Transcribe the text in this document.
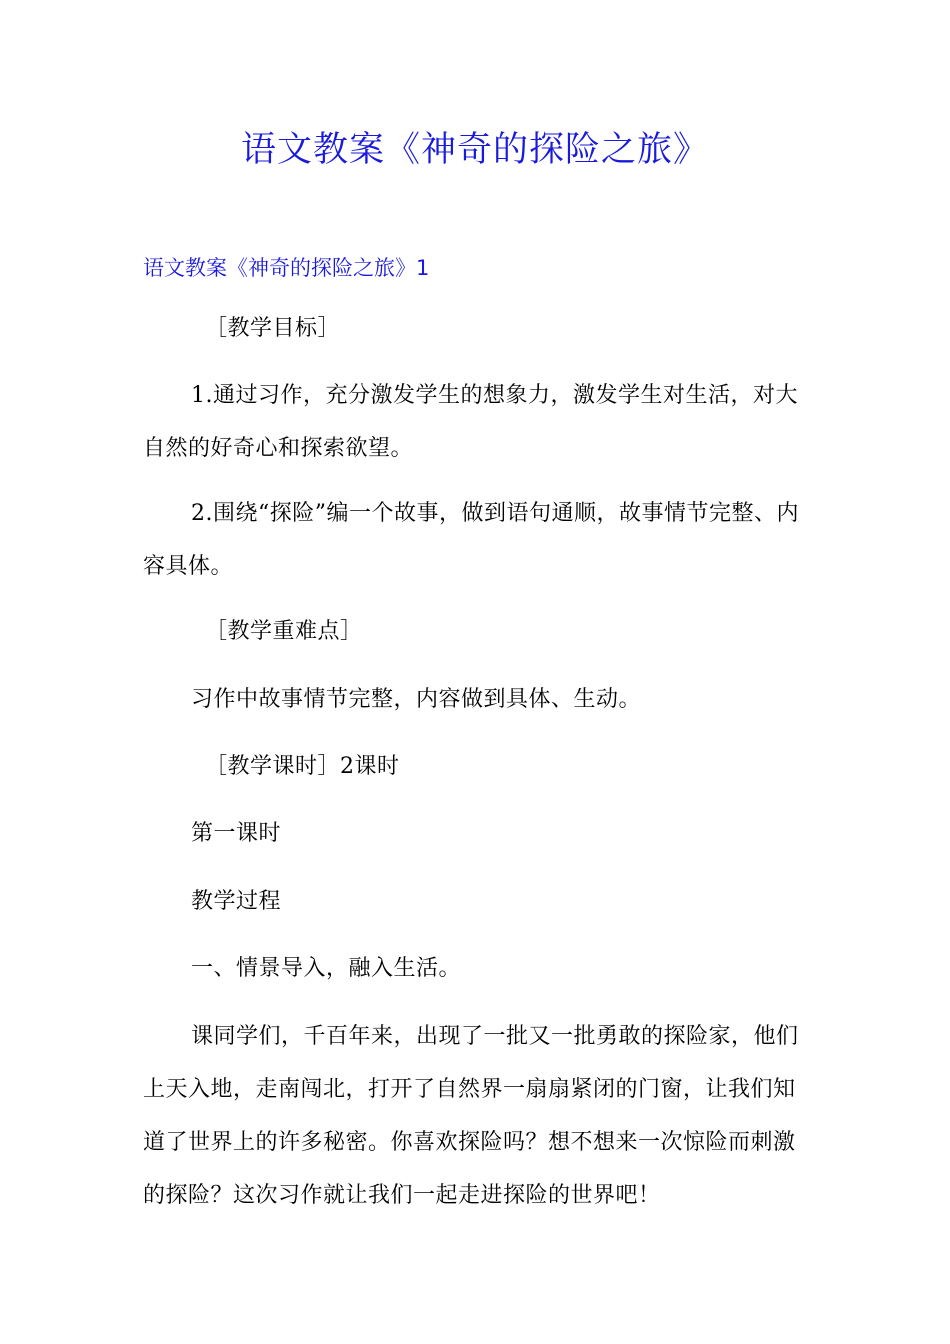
语文教案《神奇的探险之旅》
语文教案《神奇的探险之旅》1

［教学目标］

1.通过习作，充分激发学生的想象力，激发学生对生活，对大自然的好奇心和探索欲望。

2.围绕“探险”编一个故事，做到语句通顺，故事情节完整、内容具体。

［教学重难点］

习作中故事情节完整，内容做到具体、生动。

［教学课时］2课时

第一课时

教学过程

一、情景导入，融入生活。

课同学们，千百年来，出现了一批又一批勇敢的探险家，他们上天入地，走南闯北，打开了自然界一扇扇紧闭的门窗，让我们知道了世界上的许多秘密。你喜欢探险吗？想不想来一次惊险而刺激的探险？这次习作就让我们一起走进探险的世界吧！
